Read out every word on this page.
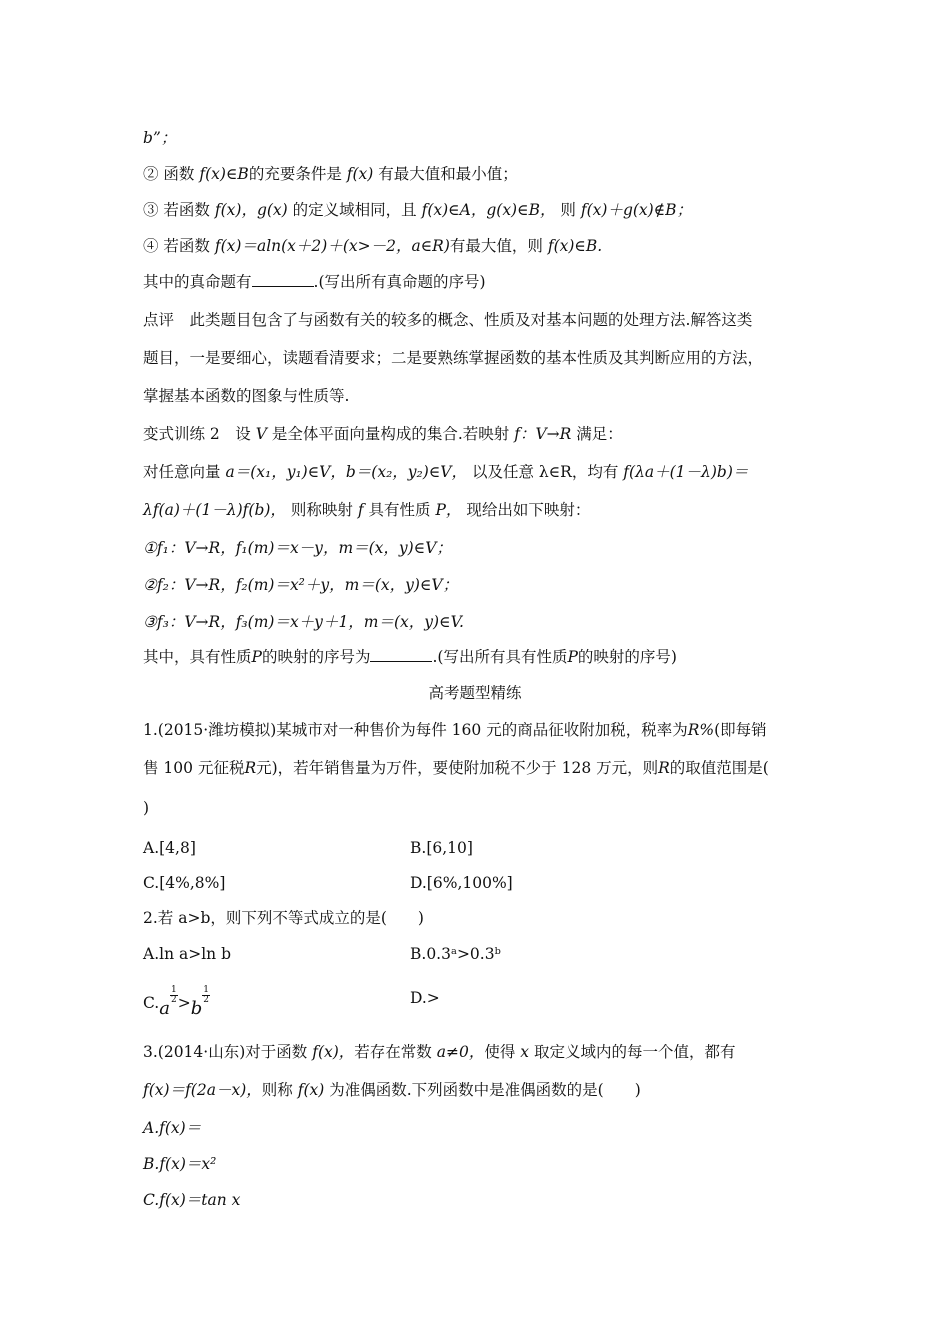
b”；
② 函数 f(x)∈B的充要条件是 f(x) 有最大值和最小值；
③ 若函数 f(x)，g(x) 的定义域相同，且 f(x)∈A，g(x)∈B， 则 f(x)＋g(x)∉B；
④ 若函数 f(x)＝aln(x＋2)＋(x>－2，a∈R)有最大值，则 f(x)∈B.
其中的真命题有	.(写出所有真命题的序号)
点评　此类题目包含了与函数有关的较多的概念、性质及对基本问题的处理方法.解答这类
题目，一是要细心，读题看清要求；二是要熟练掌握函数的基本性质及其判断应用的方法，
掌握基本函数的图象与性质等.
变式训练 2　设 V 是全体平面向量构成的集合.若映射 f：V→R 满足：
对任意向量 a＝(x₁，y₁)∈V，b＝(x₂，y₂)∈V， 以及任意 λ∈R，均有 f(λa＋(1－λ)b)＝
λf(a)＋(1－λ)f(b)， 则称映射 f 具有性质 P， 现给出如下映射：
①f₁：V→R，f₁(m)＝x－y，m＝(x，y)∈V；
②f₂：V→R，f₂(m)＝x²＋y，m＝(x，y)∈V；
③f₃：V→R，f₃(m)＝x＋y＋1，m＝(x，y)∈V.
其中，具有性质P的映射的序号为	.(写出所有具有性质P的映射的序号)
高考题型精练
1.(2015·潍坊模拟)某城市对一种售价为每件 160 元的商品征收附加税，税率为R%(即每销
售 100 元征税R元)，若年销售量为万件，要使附加税不少于 128 万元，则R的取值范围是(
)
A.[4,8]	B.[6,10]
C.[4%,8%]	D.[6%,100%]
2.若 a>b，则下列不等式成立的是(　　)
A.ln a>ln b	B.0.3ᵃ>0.3ᵇ
C.a
$\frac{1}{2} >b$
$\frac{1}{2}$	D.>
3.(2014·山东)对于函数 f(x)，若存在常数 a≠0，使得 x 取定义域内的每一个值，都有
f(x)＝f(2a－x)，则称 f(x) 为准偶函数.下列函数中是准偶函数的是(　　)
A.f(x)＝
B.f(x)＝x²
C.f(x)＝tan x
